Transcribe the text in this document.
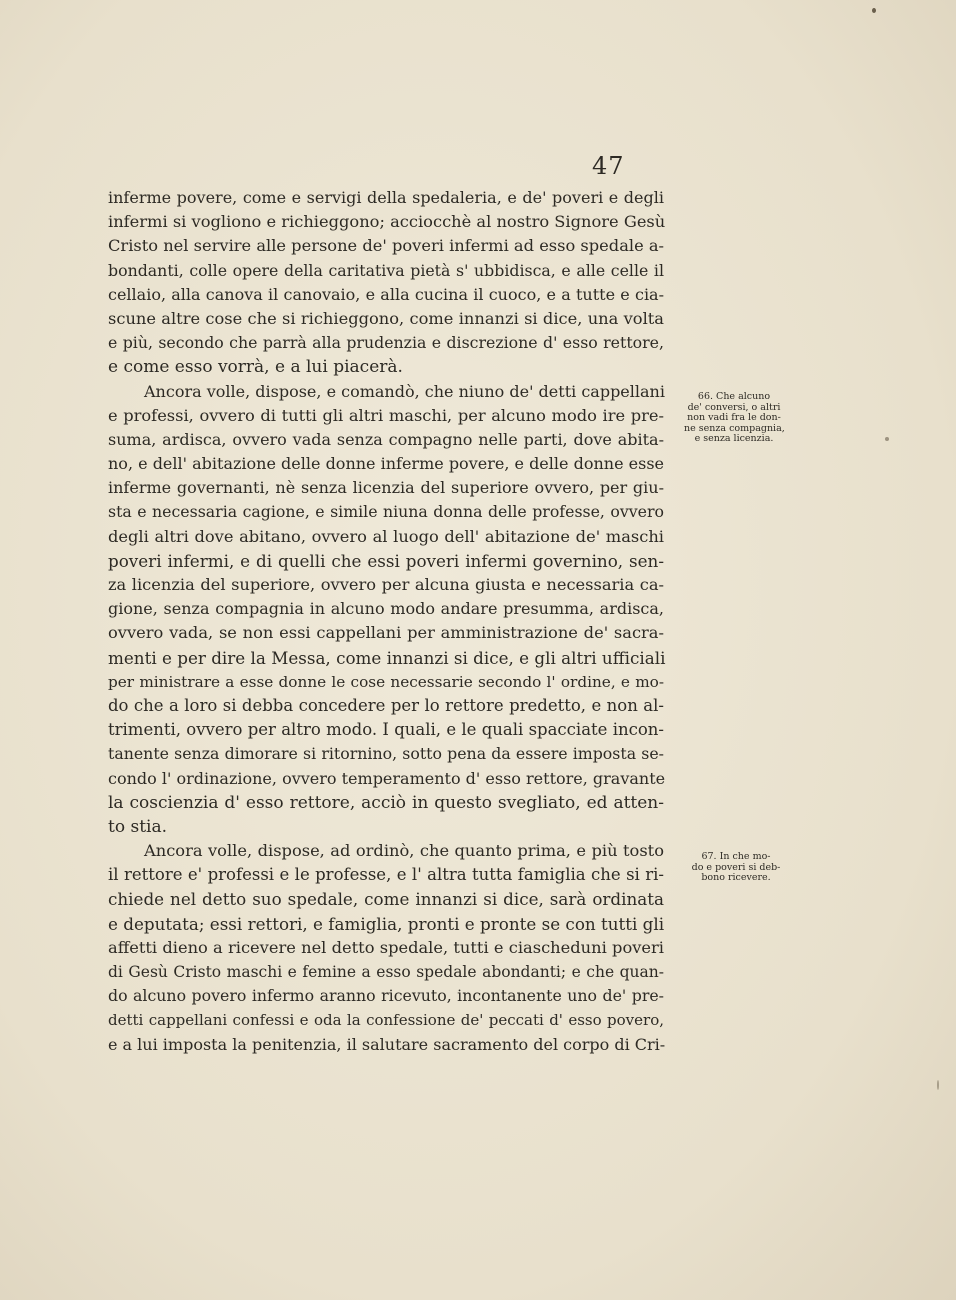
47
inferme povere, come e servigi della spedaleria, e de' poveri e degli
infermi si vogliono e richieggono; acciocchè al nostro Signore Gesù
Cristo nel servire alle persone de' poveri infermi ad esso spedale a-
bondanti, colle opere della caritativa pietà s' ubbidisca, e alle celle il
cellaio, alla canova il canovaio, e alla cucina il cuoco, e a tutte e cia-
scune altre cose che si richieggono, come innanzi si dice, una volta
e più, secondo che parrà alla prudenzia e discrezione d' esso rettore,
e come esso vorrà, e a lui piacerà.
Ancora volle, dispose, e comandò, che niuno de' detti cappellani
e professi, ovvero di tutti gli altri maschi, per alcuno modo ire pre-
suma, ardisca, ovvero vada senza compagno nelle parti, dove abita-
no, e dell' abitazione delle donne inferme povere, e delle donne esse
inferme governanti, nè senza licenzia del superiore ovvero, per giu-
sta e necessaria cagione, e simile niuna donna delle professe, ovvero
degli altri dove abitano, ovvero al luogo dell' abitazione de' maschi
poveri infermi, e di quelli che essi poveri infermi governino, sen-
za licenzia del superiore, ovvero per alcuna giusta e necessaria ca-
gione, senza compagnia in alcuno modo andare presumma, ardisca,
ovvero vada, se non essi cappellani per amministrazione de' sacra-
menti e per dire la Messa, come innanzi si dice, e gli altri ufficiali
per ministrare a esse donne le cose necessarie secondo l' ordine, e mo-
do che a loro si debba concedere per lo rettore predetto, e non al-
trimenti, ovvero per altro modo. I quali, e le quali spacciate incon-
tanente senza dimorare si ritornino, sotto pena da essere imposta se-
condo l' ordinazione, ovvero temperamento d' esso rettore, gravante
la coscienzia d' esso rettore, acciò in questo svegliato, ed atten-
to stia.
Ancora volle, dispose, ad ordinò, che quanto prima, e più tosto
il rettore e' professi e le professe, e l' altra tutta famiglia che si ri-
chiede nel detto suo spedale, come innanzi si dice, sarà ordinata
e deputata; essi rettori, e famiglia, pronti e pronte se con tutti gli
affetti dieno a ricevere nel detto spedale, tutti e ciascheduni poveri
di Gesù Cristo maschi e femine a esso spedale abondanti; e che quan-
do alcuno povero infermo aranno ricevuto, incontanente uno de' pre-
detti cappellani confessi e oda la confessione de' peccati d' esso povero,
e a lui imposta la penitenzia, il salutare sacramento del corpo di Cri-
66. Che alcuno
de' conversi, o altri
non vadi fra le don-
ne senza compagnia,
e senza licenzia.
67. In che mo-
do e poveri si deb-
bono ricevere.
